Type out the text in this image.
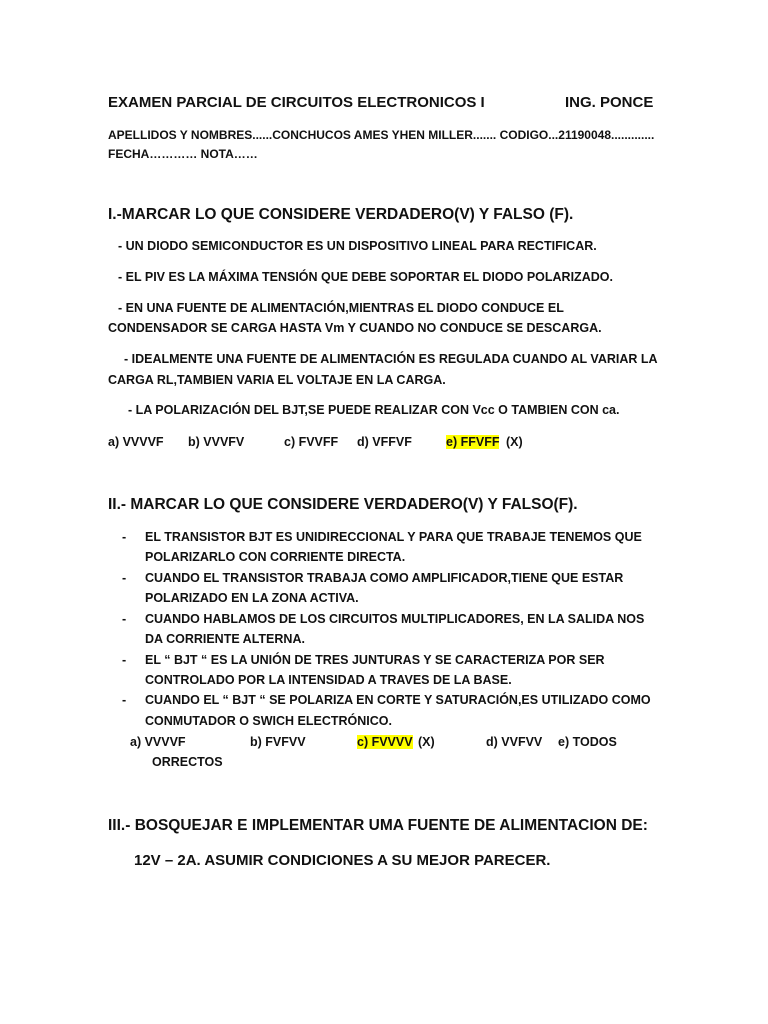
EXAMEN PARCIAL DE CIRCUITOS ELECTRONICOS I	ING. PONCE
APELLIDOS Y NOMBRES......CONCHUCOS AMES YHEN MILLER....... CODIGO...21190048.............
FECHA………… NOTA……
I.-MARCAR LO QUE CONSIDERE VERDADERO(V) Y FALSO (F).
- UN DIODO SEMICONDUCTOR ES UN DISPOSITIVO LINEAL PARA RECTIFICAR.
- EL PIV ES LA MÁXIMA TENSIÓN QUE DEBE SOPORTAR EL DIODO POLARIZADO.
- EN UNA FUENTE DE ALIMENTACIÓN,MIENTRAS EL DIODO CONDUCE EL
CONDENSADOR SE CARGA HASTA Vm Y CUANDO NO CONDUCE SE DESCARGA.
- IDEALMENTE UNA FUENTE DE ALIMENTACIÓN ES REGULADA CUANDO AL VARIAR LA
CARGA RL,TAMBIEN VARIA EL VOLTAJE EN LA CARGA.
- LA POLARIZACIÓN DEL BJT,SE PUEDE REALIZAR CON Vcc O TAMBIEN CON ca.
a) VVVVF b) VVVFV	c) FVVFF d) VFFVF	e) FFVFF (X)
II.- MARCAR LO QUE CONSIDERE VERDADERO(V) Y FALSO(F).
- EL TRANSISTOR BJT ES UNIDIRECCIONAL Y PARA QUE TRABAJE TENEMOS QUE
POLARIZARLO CON CORRIENTE DIRECTA.
- CUANDO EL TRANSISTOR TRABAJA COMO AMPLIFICADOR,TIENE QUE ESTAR
POLARIZADO EN LA ZONA ACTIVA.
- CUANDO HABLAMOS DE LOS CIRCUITOS MULTIPLICADORES, EN LA SALIDA NOS
DA CORRIENTE ALTERNA.
- EL “ BJT “ ES LA UNIÓN DE TRES JUNTURAS Y SE CARACTERIZA POR SER
CONTROLADO POR LA INTENSIDAD A TRAVES DE LA BASE.
- CUANDO EL “ BJT “ SE POLARIZA EN CORTE Y SATURACIÓN,ES UTILIZADO COMO
CONMUTADOR O SWICH ELECTRÓNICO.
a) VVVVF	b) FVFVV	c) FVVVV (X)	d) VVFVV e) TODOS
ORRECTOS
III.- BOSQUEJAR E IMPLEMENTAR UMA FUENTE DE ALIMENTACION DE:
12V – 2A. ASUMIR CONDICIONES A SU MEJOR PARECER.
